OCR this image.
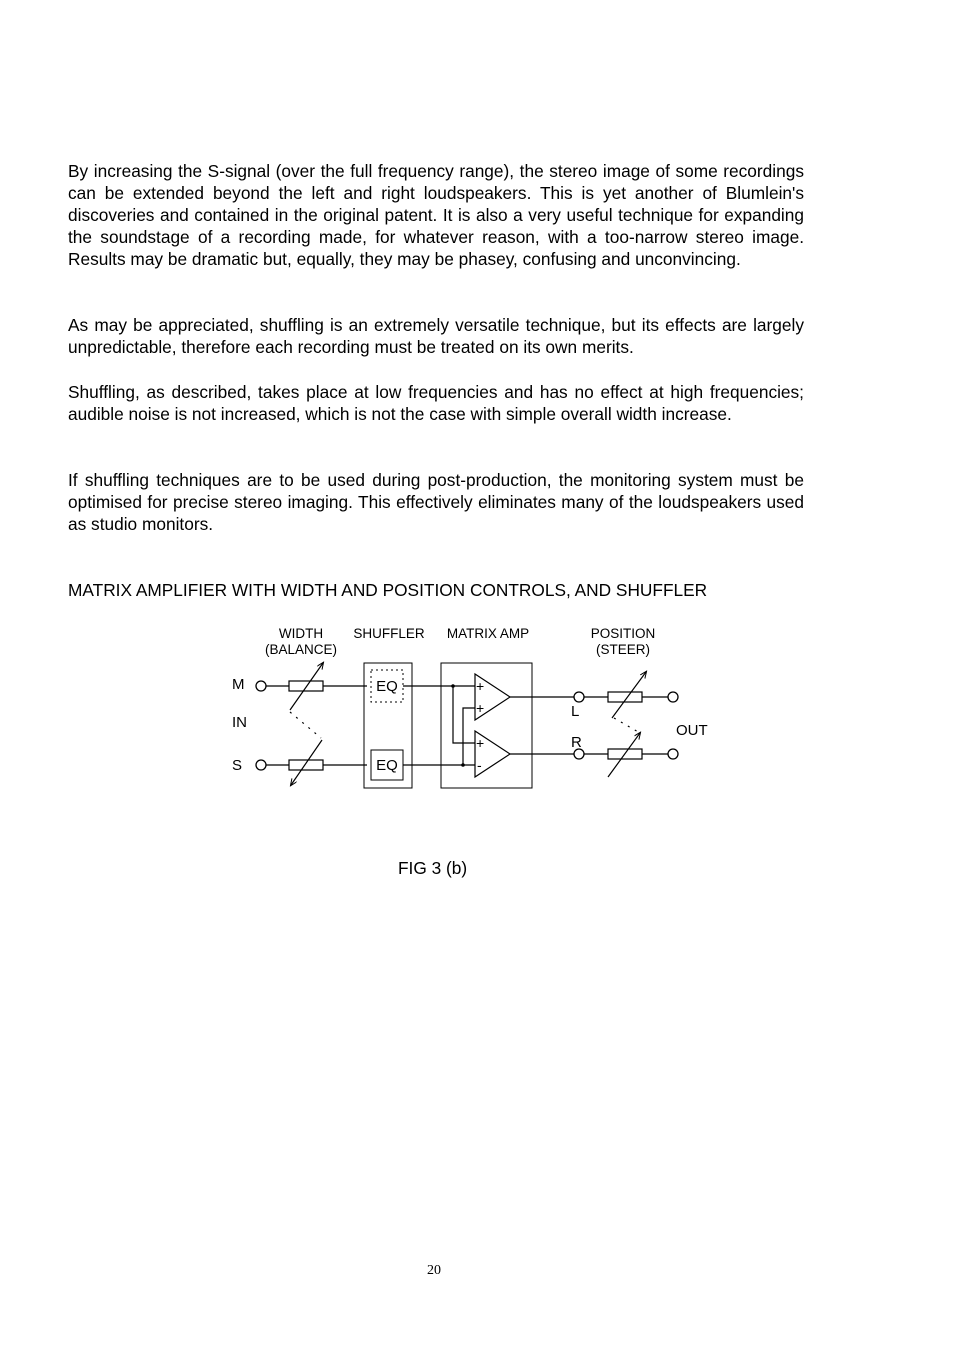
By increasing the S-signal (over the full frequency range), the stereo image of some recordings can be extended beyond the left and right loudspeakers. This is yet another of Blumlein's discoveries and contained in the original patent. It is also a very useful technique for expanding the soundstage of a recording made, for whatever reason, with a too-narrow stereo image. Results may be dramatic but, equally, they may be phasey, confusing and unconvincing.

As may be appreciated, shuffling is an extremely versatile technique, but its effects are largely unpredictable, therefore each recording must be treated on its own merits.

Shuffling, as described, takes place at low frequencies and has no effect at high frequencies; audible noise is not increased, which is not the case with simple overall width increase.

If shuffling techniques are to be used during post-production, the monitoring system must be optimised for precise stereo imaging. This effectively eliminates many of the loudspeakers used as studio monitors.

MATRIX AMPLIFIER WITH WIDTH AND POSITION CONTROLS, AND SHUFFLER

WIDTH
(BALANCE)
SHUFFLER MATRIX AMP	POSITION
(STEER)
M
IN
S
EQ
EQ
+
+
+
-
L
R
OUT
FIG 3 (b)
20
